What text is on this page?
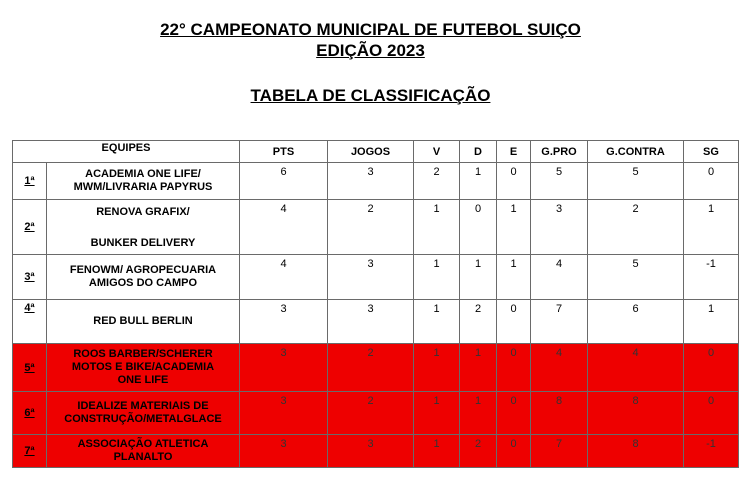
22° CAMPEONATO MUNICIPAL DE FUTEBOL SUIÇO
EDIÇÃO 2023
TABELA DE CLASSIFICAÇÃO
EQUIPES		PTS	JOGOS	V	D	E	G.PRO	G.CONTRA	SG
1ª	ACADEMIA ONE LIFE/
MWM/LIVRARIA PAPYRUS	6	3	2	1	0	5	5	0
2ª	RENOVA GRAFIX/
BUNKER DELIVERY	4	2	1	0	1	3	2	1
3ª	FENOWM/ AGROPECUARIA
AMIGOS DO CAMPO	4	3	1	1	1	4	5	-1
4ª	RED BULL BERLIN	3	3	1	2	0	7	6	1
5ª	ROOS BARBER/SCHERER
MOTOS E BIKE/ACADEMIA
ONE LIFE	3	2	1	1	0	4	4	0
6ª	IDEALIZE MATERIAIS DE
CONSTRUÇÃO/METALGLACE	3	2	1	1	0	8	8	0
7ª	ASSOCIAÇÃO ATLETICA
PLANALTO	3	3	1	2	0	7	8	-1
